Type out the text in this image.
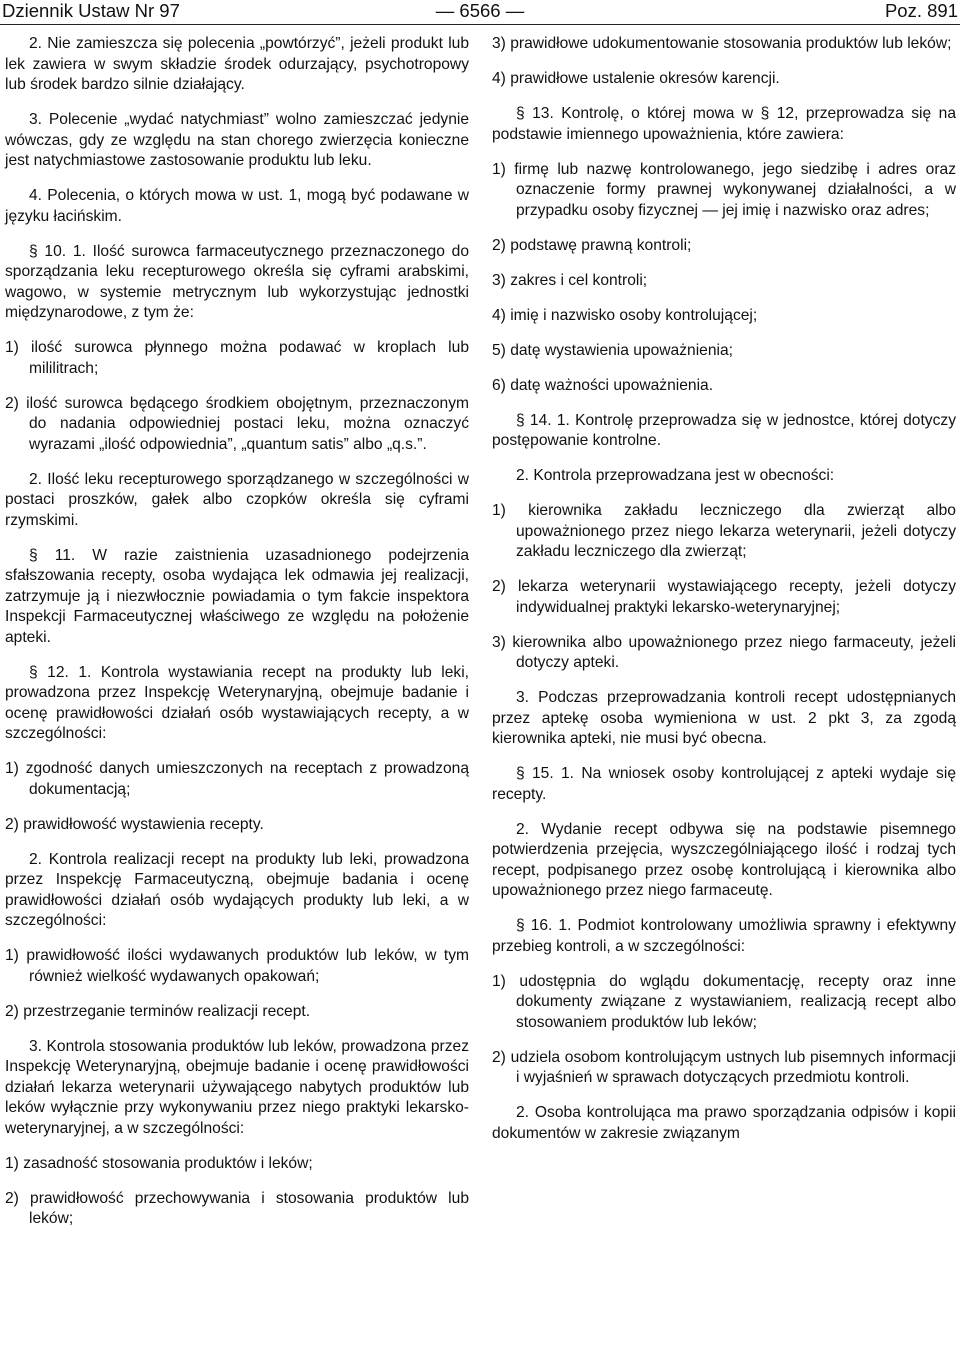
Dziennik Ustaw Nr 97	— 6566 —	Poz. 891

2. Nie zamieszcza się polecenia „powtórzyć”, jeżeli produkt lub lek zawiera w swym składzie środek odurzający, psychotropowy lub środek bardzo silnie działający.

3. Polecenie „wydać natychmiast” wolno zamieszczać jedynie wówczas, gdy ze względu na stan chorego zwierzęcia konieczne jest natychmiastowe zastosowanie produktu lub leku.

4. Polecenia, o których mowa w ust. 1, mogą być podawane w języku łacińskim.

§ 10. 1. Ilość surowca farmaceutycznego przeznaczonego do sporządzania leku recepturowego określa się cyframi arabskimi, wagowo, w systemie metrycznym lub wykorzystując jednostki międzynarodowe, z tym że:

1) ilość surowca płynnego można podawać w kroplach lub mililitrach;

2) ilość surowca będącego środkiem obojętnym, przeznaczonym do nadania odpowiedniej postaci leku, można oznaczyć wyrazami „ilość odpowiednia”, „quantum satis” albo „q.s.”.

2. Ilość leku recepturowego sporządzanego w szczególności w postaci proszków, gałek albo czopków określa się cyframi rzymskimi.

§ 11. W razie zaistnienia uzasadnionego podejrzenia sfałszowania recepty, osoba wydająca lek odmawia jej realizacji, zatrzymuje ją i niezwłocznie powiadamia o tym fakcie inspektora Inspekcji Farmaceutycznej właściwego ze względu na położenie apteki.

§ 12. 1. Kontrola wystawiania recept na produkty lub leki, prowadzona przez Inspekcję Weterynaryjną, obejmuje badanie i ocenę prawidłowości działań osób wystawiających recepty, a w szczególności:

1) zgodność danych umieszczonych na receptach z prowadzoną dokumentacją;

2) prawidłowość wystawienia recepty.

2. Kontrola realizacji recept na produkty lub leki, prowadzona przez Inspekcję Farmaceutyczną, obejmuje badania i ocenę prawidłowości działań osób wydających produkty lub leki, a w szczególności:

1) prawidłowość ilości wydawanych produktów lub leków, w tym również wielkość wydawanych opakowań;

2) przestrzeganie terminów realizacji recept.

3. Kontrola stosowania produktów lub leków, prowadzona przez Inspekcję Weterynaryjną, obejmuje badanie i ocenę prawidłowości działań lekarza weterynarii używającego nabytych produktów lub leków wyłącznie przy wykonywaniu przez niego praktyki lekarsko-weterynaryjnej, a w szczególności:

1) zasadność stosowania produktów i leków;

2) prawidłowość przechowywania i stosowania produktów lub leków;

3) prawidłowe udokumentowanie stosowania produktów lub leków;

4) prawidłowe ustalenie okresów karencji.

§ 13. Kontrolę, o której mowa w § 12, przeprowadza się na podstawie imiennego upoważnienia, które zawiera:

1) firmę lub nazwę kontrolowanego, jego siedzibę i adres oraz oznaczenie formy prawnej wykonywanej działalności, a w przypadku osoby fizycznej — jej imię i nazwisko oraz adres;

2) podstawę prawną kontroli;

3) zakres i cel kontroli;

4) imię i nazwisko osoby kontrolującej;

5) datę wystawienia upoważnienia;

6) datę ważności upoważnienia.

§ 14. 1. Kontrolę przeprowadza się w jednostce, której dotyczy postępowanie kontrolne.

2. Kontrola przeprowadzana jest w obecności:

1) kierownika zakładu leczniczego dla zwierząt albo upoważnionego przez niego lekarza weterynarii, jeżeli dotyczy zakładu leczniczego dla zwierząt;

2) lekarza weterynarii wystawiającego recepty, jeżeli dotyczy indywidualnej praktyki lekarsko-weterynaryjnej;

3) kierownika albo upoważnionego przez niego farmaceuty, jeżeli dotyczy apteki.

3. Podczas przeprowadzania kontroli recept udostępnianych przez aptekę osoba wymieniona w ust. 2 pkt 3, za zgodą kierownika apteki, nie musi być obecna.

§ 15. 1. Na wniosek osoby kontrolującej z apteki wydaje się recepty.

2. Wydanie recept odbywa się na podstawie pisemnego potwierdzenia przejęcia, wyszczególniającego ilość i rodzaj tych recept, podpisanego przez osobę kontrolującą i kierownika albo upoważnionego przez niego farmaceutę.

§ 16. 1. Podmiot kontrolowany umożliwia sprawny i efektywny przebieg kontroli, a w szczególności:

1) udostępnia do wglądu dokumentację, recepty oraz inne dokumenty związane z wystawianiem, realizacją recept albo stosowaniem produktów lub leków;

2) udziela osobom kontrolującym ustnych lub pisemnych informacji i wyjaśnień w sprawach dotyczących przedmiotu kontroli.

2. Osoba kontrolująca ma prawo sporządzania odpisów i kopii dokumentów w zakresie związanym
